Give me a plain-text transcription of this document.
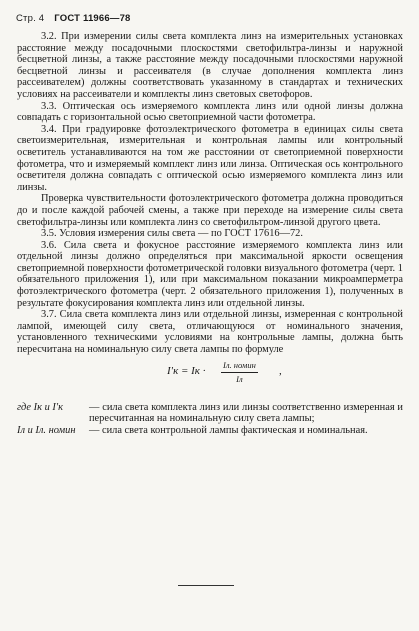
Стр. 4 ГОСТ 11966—78

3.2. При измерении силы света комплекта линз на измерительных установках расстояние между посадочными плоскостями светофильтра-линзы и наружной бесцветной линзы, а также расстояние между посадочными плоскостями наружной бесцветной линзы и рассеивателя (в случае дополнения комплекта линз рассеивателем) должны соответствовать указанному в стандартах и технических условиях на рассеиватели и комплекты линз световых светофоров.

3.3. Оптическая ось измеряемого комплекта линз или одной линзы должна совпадать с горизонтальной осью светоприемной части фотометра.

3.4. При градуировке фотоэлектрического фотометра в единицах силы света светоизмерительная, измерительная и контрольная лампы или контрольный осветитель устанавливаются на том же расстоянии от светоприемной поверхности фотометра, что и измеряемый комплект линз или линза. Оптическая ось контрольного осветителя должна совпадать с оптической осью измеряемого комплекта линз или линзы.

Проверка чувствительности фотоэлектрического фотометра должна проводиться до и после каждой рабочей смены, а также при переходе на измерение силы света светофильтра-линзы или комплекта линз со светофильтром-линзой другого цвета.

3.5. Условия измерения силы света — по ГОСТ 17616—72.

3.6. Сила света и фокусное расстояние измеряемого комплекта линз или отдельной линзы должно определяться при максимальной яркости освещения светоприемной поверхности фотометрической головки визуального фотометра (черт. 1 обязательного приложения 1), или при максимальном показании микроамперметра фотоэлектрического фотометра (черт. 2 обязательного приложения 1), полученных в результате фокусирования комплекта линз или отдельной линзы.

3.7. Сила света комплекта линз или отдельной линзы, измеренная с контрольной лампой, имеющей силу света, отличающуюся от номинального значения, установленного техническими условиями на контрольные лампы, должна быть пересчитана на номинальную силу света лампы по формуле

I′к = Iк · Iл. номин
Iл
,
где Iк и I′к	— сила света комплекта линз или линзы соответственно измеренная и пересчитанная на номинальную силу света лампы;
Iл и Iл. номин	— сила света контрольной лампы фактическая и номинальная.
